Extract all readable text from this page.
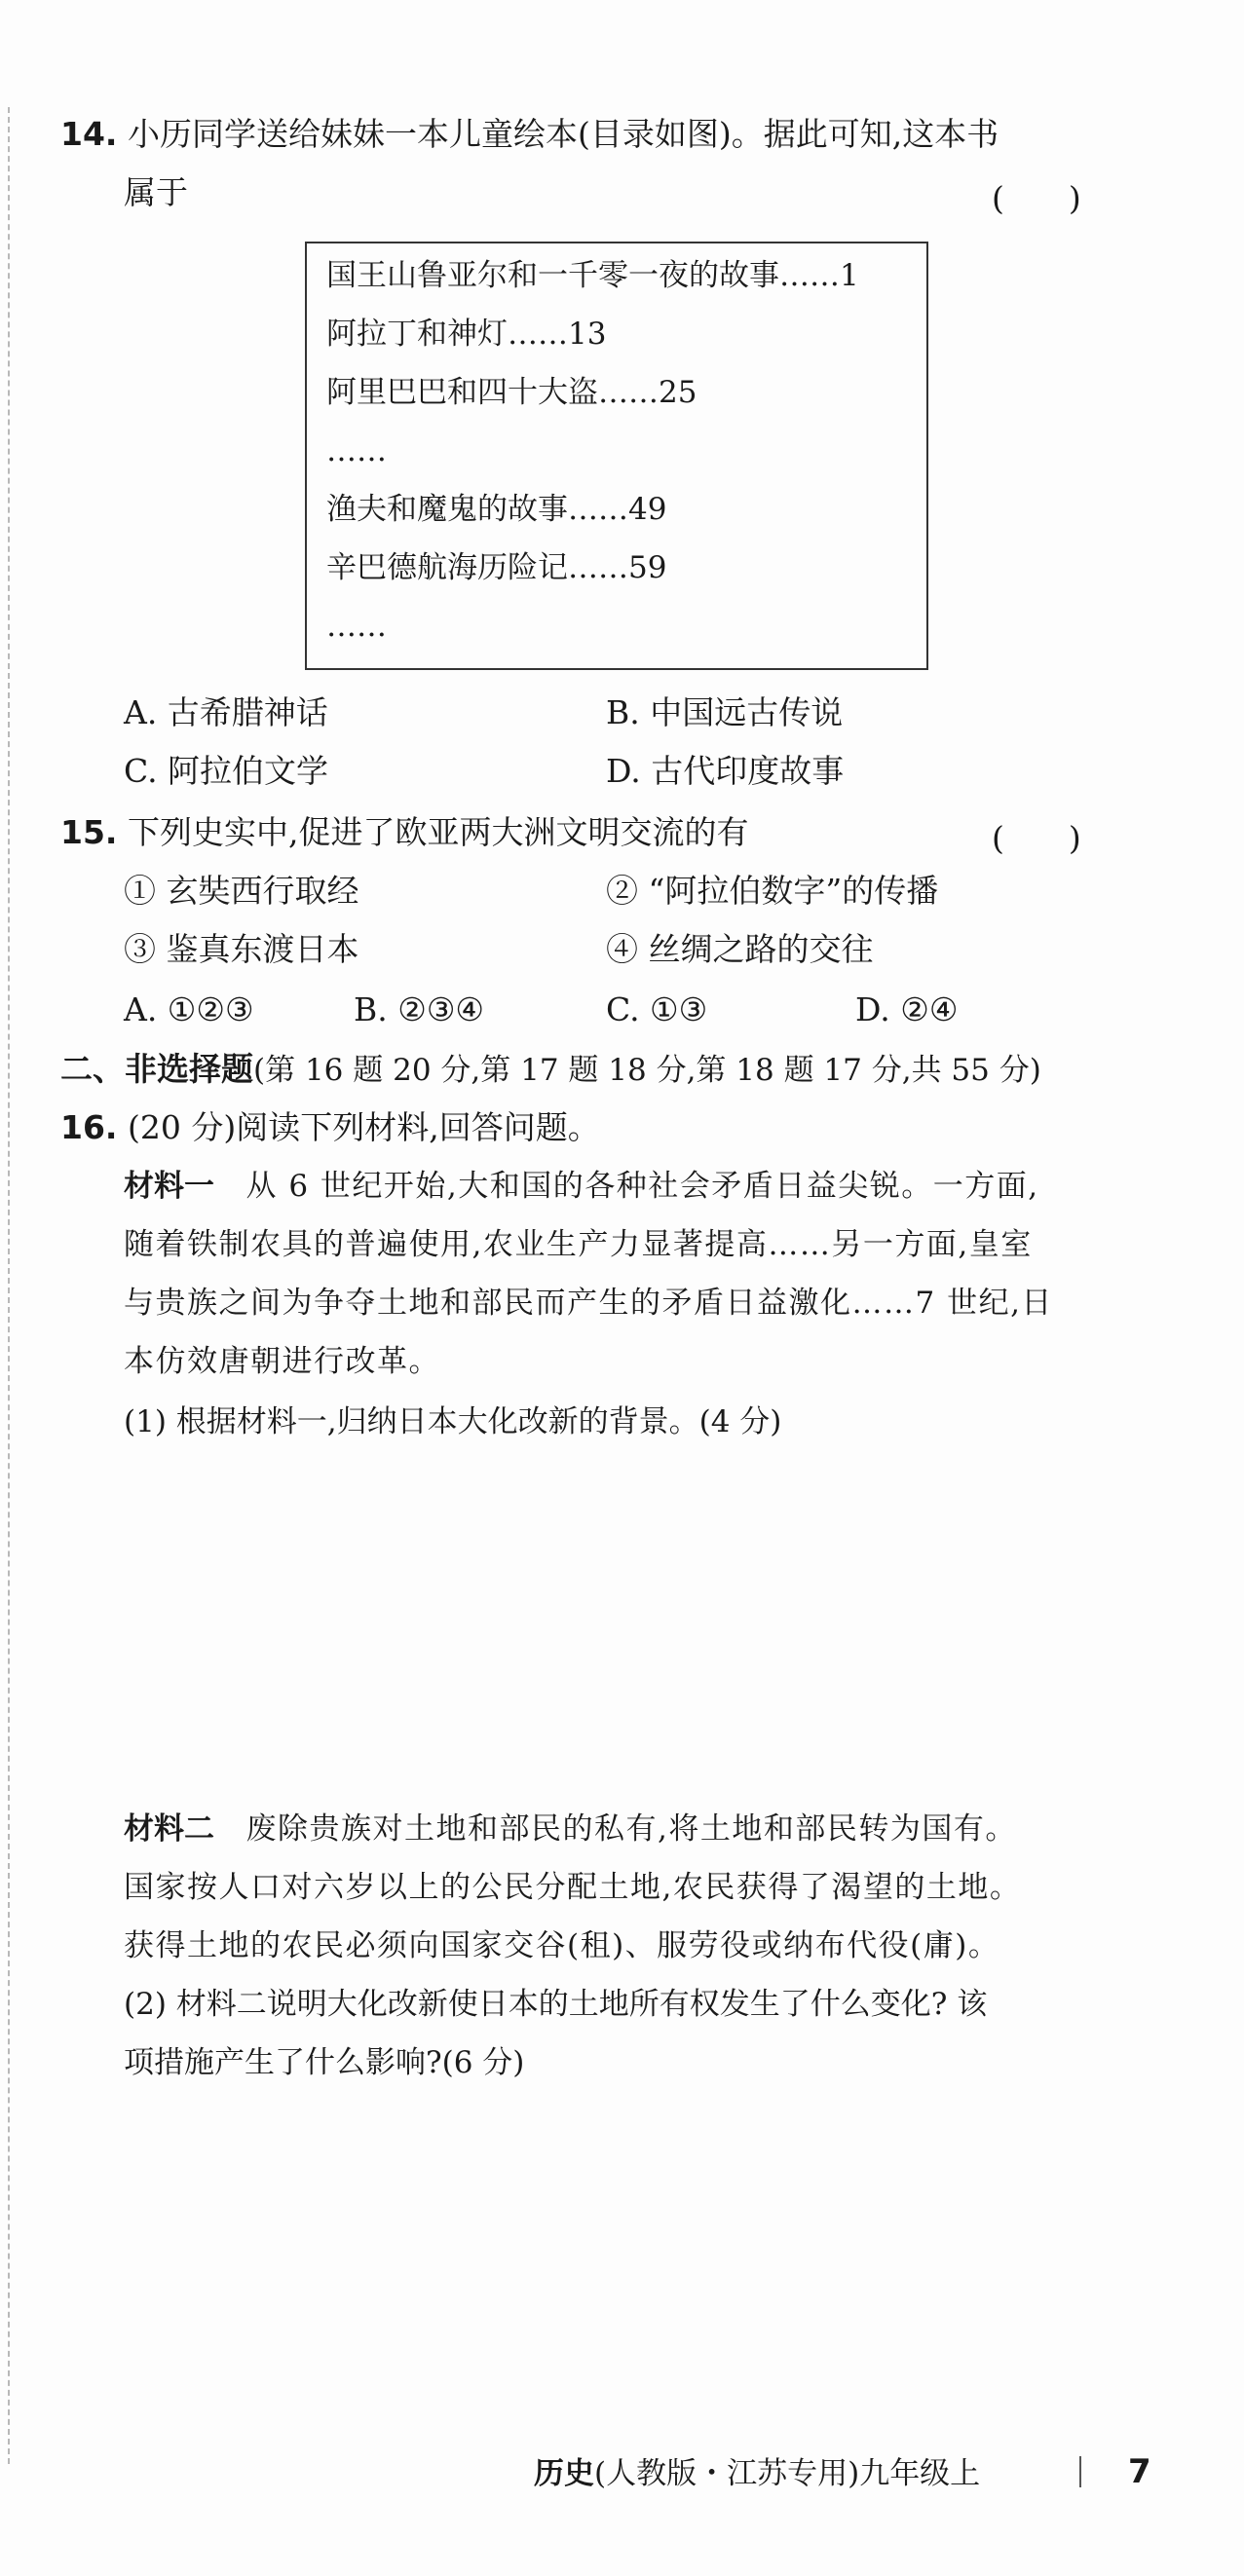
14. 小历同学送给妹妹一本儿童绘本(目录如图)。据此可知,这本书
属于	(　　)
国王山鲁亚尔和一千零一夜的故事……1
阿拉丁和神灯……13
阿里巴巴和四十大盗……25
……
渔夫和魔鬼的故事……49
辛巴德航海历险记……59
……
A. 古希腊神话	B. 中国远古传说
C. 阿拉伯文学	D. 古代印度故事
15. 下列史实中,促进了欧亚两大洲文明交流的有	(　　)
① 玄奘西行取经	② “阿拉伯数字”的传播
③ 鉴真东渡日本	④ 丝绸之路的交往
A. ①②③	B. ②③④	C. ①③	D. ②④
二、非选择题(第 16 题 20 分,第 17 题 18 分,第 18 题 17 分,共 55 分)
16. (20 分)阅读下列材料,回答问题。
材料一　从 6 世纪开始,大和国的各种社会矛盾日益尖锐。一方面,
随着铁制农具的普遍使用,农业生产力显著提高……另一方面,皇室
与贵族之间为争夺土地和部民而产生的矛盾日益激化……7 世纪,日
本仿效唐朝进行改革。
(1) 根据材料一,归纳日本大化改新的背景。(4 分)
材料二　废除贵族对土地和部民的私有,将土地和部民转为国有。
国家按人口对六岁以上的公民分配土地,农民获得了渴望的土地。
获得土地的农民必须向国家交谷(租)、服劳役或纳布代役(庸)。
(2) 材料二说明大化改新使日本的土地所有权发生了什么变化? 该
项措施产生了什么影响?(6 分)
历史(人教版・江苏专用)九年级上	7
